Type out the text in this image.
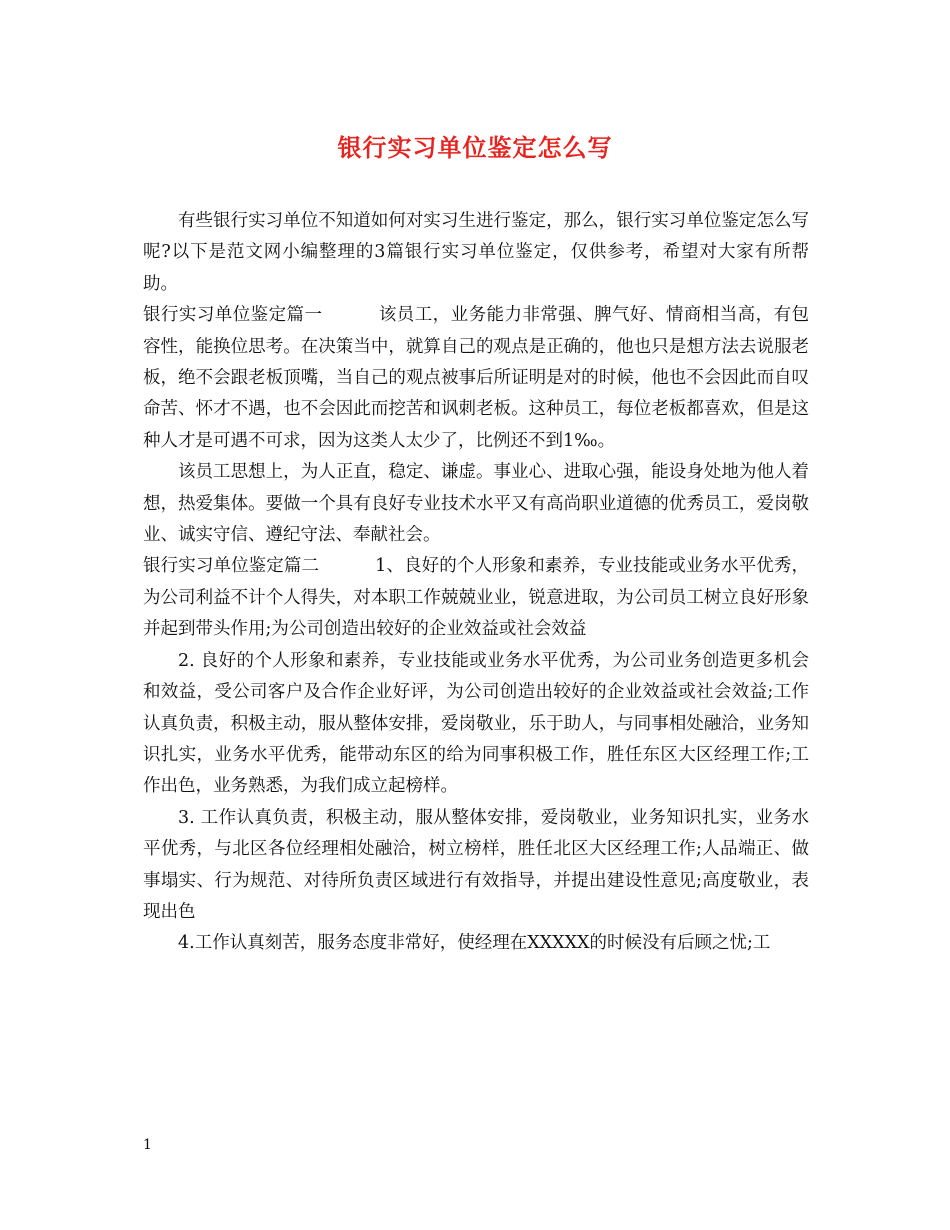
银行实习单位鉴定怎么写

有些银行实习单位不知道如何对实习生进行鉴定，那么，银行实习单位鉴定怎么写呢?以下是范文网小编整理的3篇银行实习单位鉴定，仅供参考，希望对大家有所帮助。

银行实习单位鉴定篇一	该员工，业务能力非常强、脾气好、情商相当高，有包容性，能换位思考。在决策当中，就算自己的观点是正确的，他也只是想方法去说服老板，绝不会跟老板顶嘴，当自己的观点被事后所证明是对的时候，他也不会因此而自叹命苦、怀才不遇，也不会因此而挖苦和讽刺老板。这种员工，每位老板都喜欢，但是这种人才是可遇不可求，因为这类人太少了，比例还不到1‰。

该员工思想上，为人正直，稳定、谦虚。事业心、进取心强，能设身处地为他人着想，热爱集体。要做一个具有良好专业技术水平又有高尚职业道德的优秀员工，爱岗敬业、诚实守信、遵纪守法、奉献社会。

银行实习单位鉴定篇二	1、良好的个人形象和素养，专业技能或业务水平优秀，为公司利益不计个人得失，对本职工作兢兢业业，锐意进取，为公司员工树立良好形象并起到带头作用;为公司创造出较好的企业效益或社会效益

2. 良好的个人形象和素养，专业技能或业务水平优秀，为公司业务创造更多机会和效益，受公司客户及合作企业好评，为公司创造出较好的企业效益或社会效益;工作认真负责，积极主动，服从整体安排，爱岗敬业，乐于助人，与同事相处融洽，业务知识扎实，业务水平优秀，能带动东区的给为同事积极工作，胜任东区大区经理工作;工作出色，业务熟悉，为我们成立起榜样。

3. 工作认真负责，积极主动，服从整体安排，爱岗敬业，业务知识扎实，业务水平优秀，与北区各位经理相处融洽，树立榜样，胜任北区大区经理工作;人品端正、做事塌实、行为规范、对待所负责区域进行有效指导，并提出建设性意见;高度敬业，表现出色

4.工作认真刻苦，服务态度非常好，使经理在XXXXX的时候没有后顾之忧;工

1
